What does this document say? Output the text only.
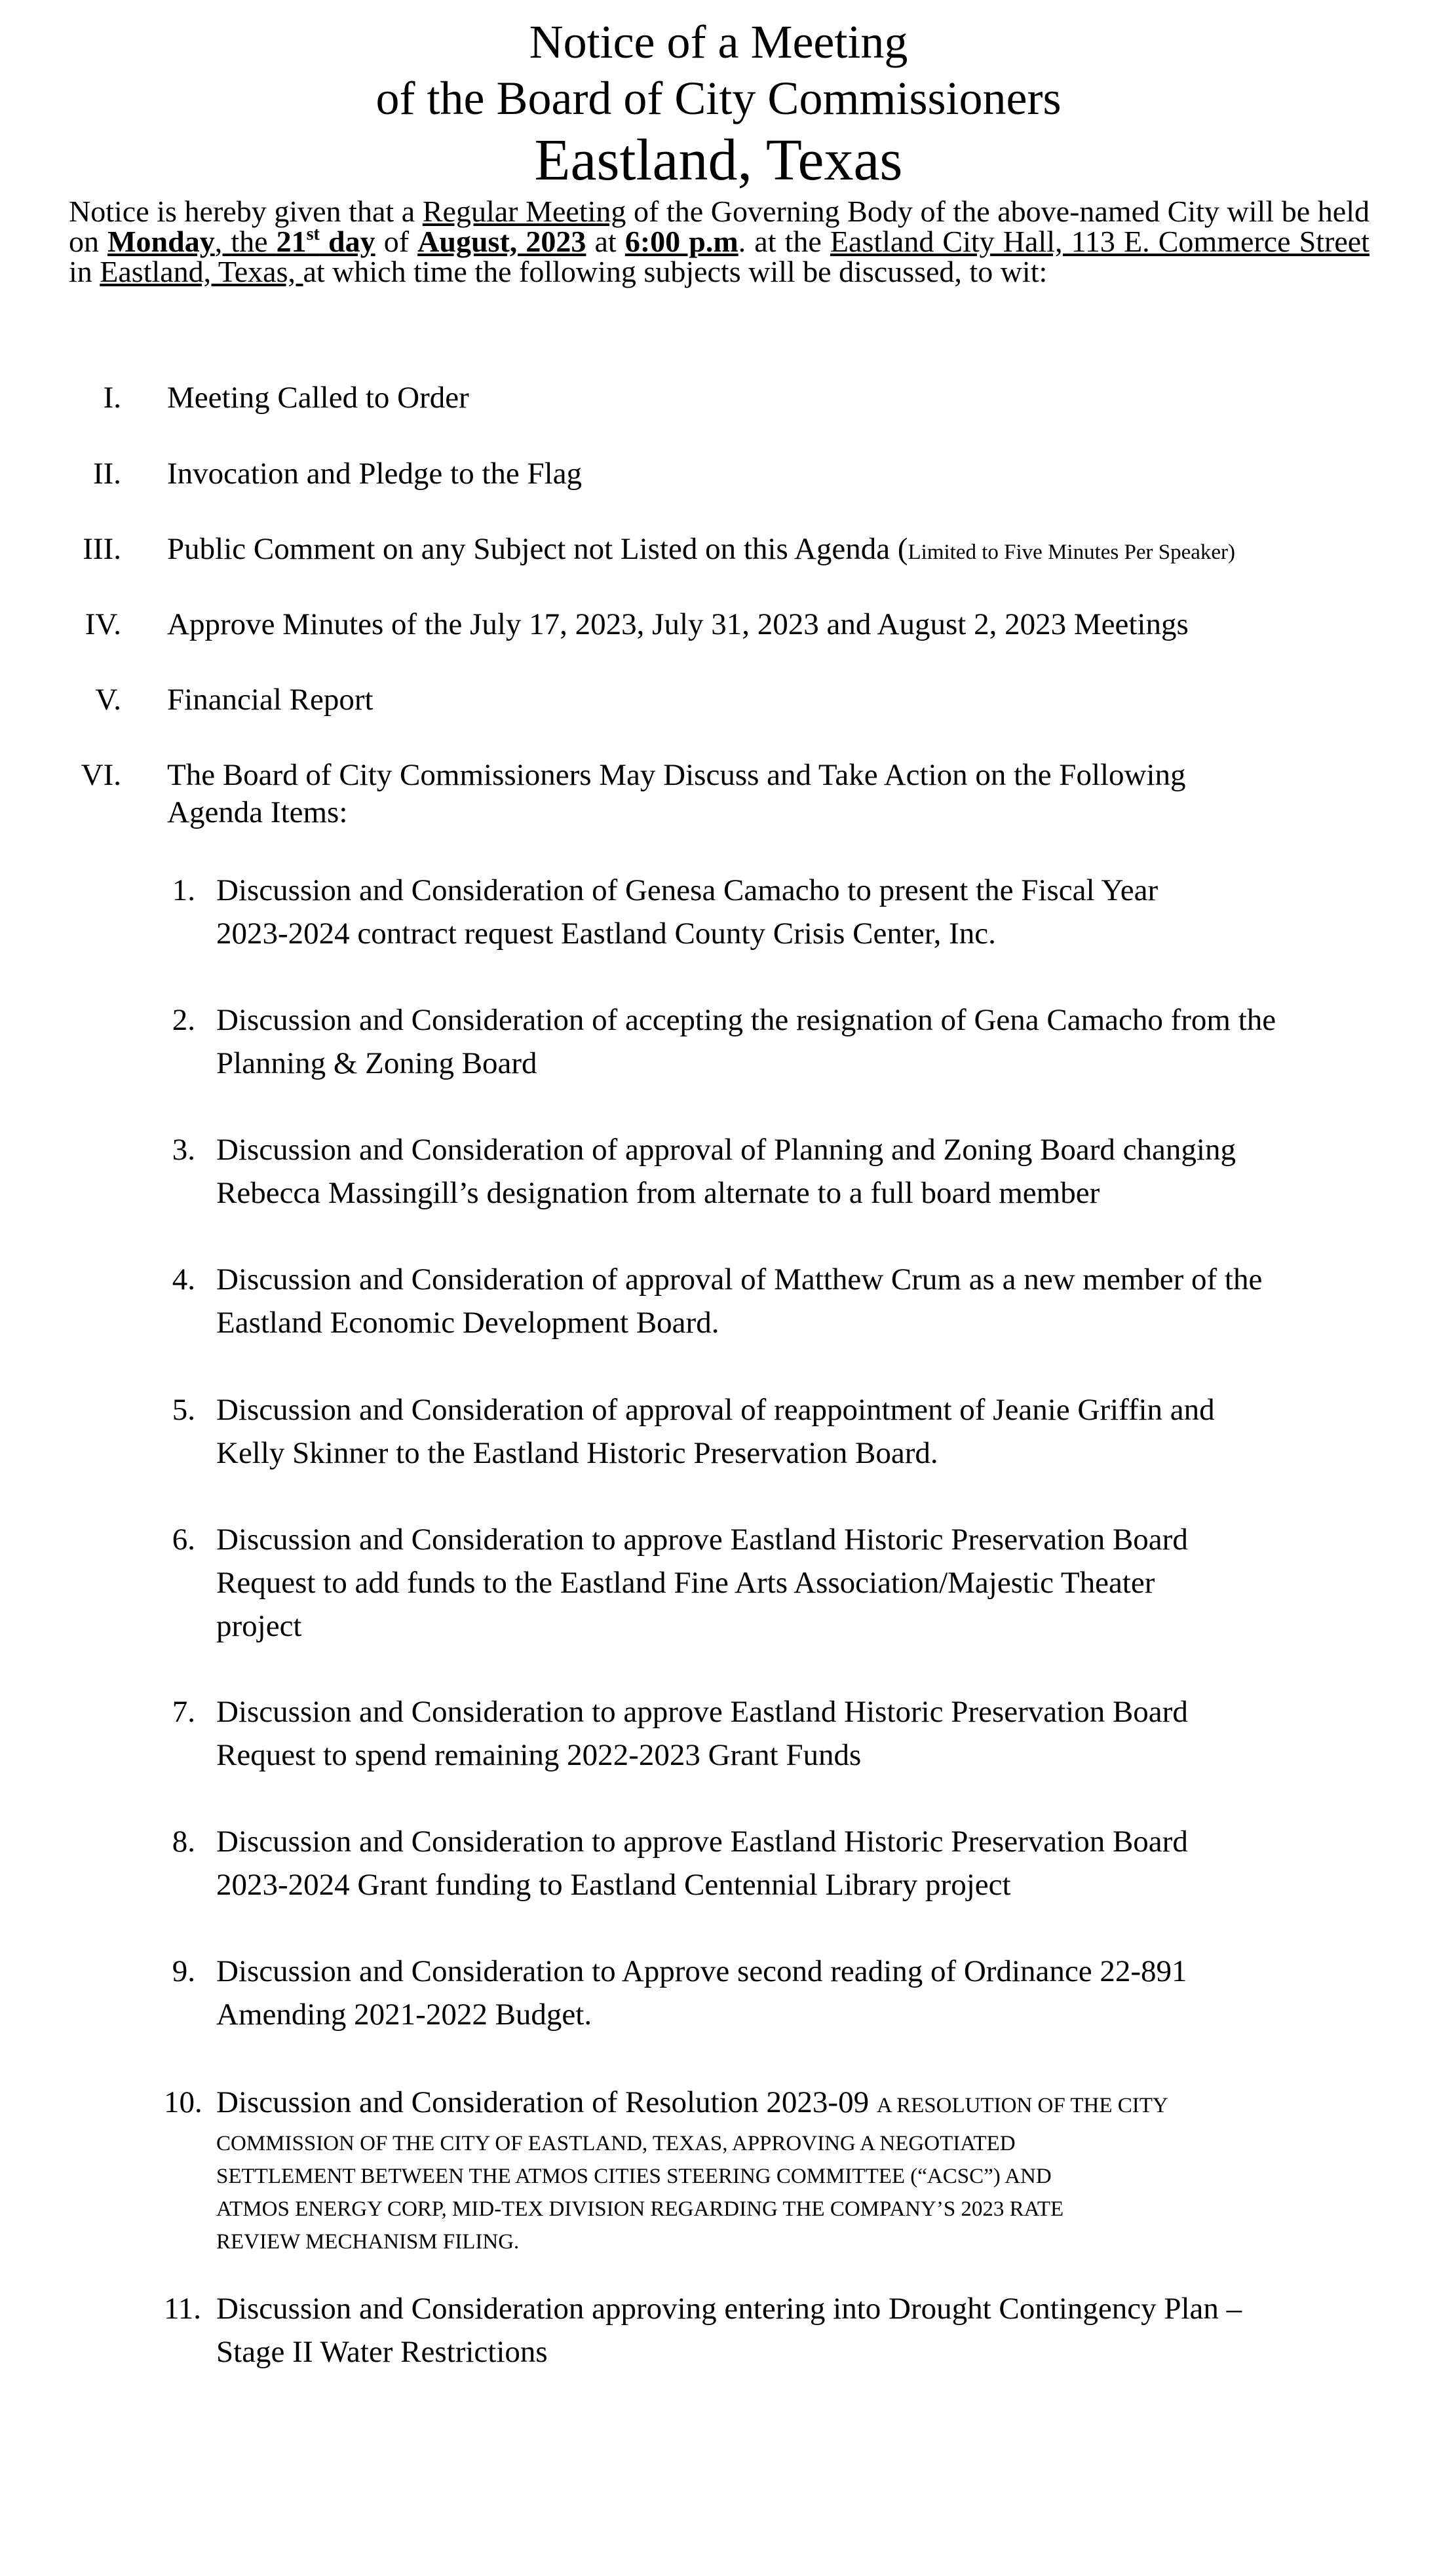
Notice of a Meeting
of the Board of City Commissioners
Eastland, Texas
Notice is hereby given that a Regular Meeting of the Governing Body of the above-named City will be held on Monday, the 21st day of August, 2023 at 6:00 p.m. at the Eastland City Hall, 113 E. Commerce Street in Eastland, Texas, at which time the following subjects will be discussed, to wit:
I. Meeting Called to Order
II. Invocation and Pledge to the Flag
III. Public Comment on any Subject not Listed on this Agenda (Limited to Five Minutes Per Speaker)
IV. Approve Minutes of the July 17, 2023, July 31, 2023 and August 2, 2023 Meetings
V. Financial Report
VI. The Board of City Commissioners May Discuss and Take Action on the Following
Agenda Items:
1. Discussion and Consideration of Genesa Camacho to present the Fiscal Year
2023-2024 contract request Eastland County Crisis Center, Inc.
2. Discussion and Consideration of accepting the resignation of Gena Camacho from the
Planning & Zoning Board
3. Discussion and Consideration of approval of Planning and Zoning Board changing
Rebecca Massingill’s designation from alternate to a full board member
4. Discussion and Consideration of approval of Matthew Crum as a new member of the
Eastland Economic Development Board.
5. Discussion and Consideration of approval of reappointment of Jeanie Griffin and
Kelly Skinner to the Eastland Historic Preservation Board.
6. Discussion and Consideration to approve Eastland Historic Preservation Board
Request to add funds to the Eastland Fine Arts Association/Majestic Theater
project
7. Discussion and Consideration to approve Eastland Historic Preservation Board
Request to spend remaining 2022-2023 Grant Funds
8. Discussion and Consideration to approve Eastland Historic Preservation Board
2023-2024 Grant funding to Eastland Centennial Library project
9. Discussion and Consideration to Approve second reading of Ordinance 22-891
Amending 2021-2022 Budget.
10. Discussion and Consideration of Resolution 2023-09 A RESOLUTION OF THE CITY
COMMISSION OF THE CITY OF EASTLAND, TEXAS, APPROVING A NEGOTIATED
SETTLEMENT BETWEEN THE ATMOS CITIES STEERING COMMITTEE (“ACSC”) AND
ATMOS ENERGY CORP, MID-TEX DIVISION REGARDING THE COMPANY’S 2023 RATE
REVIEW MECHANISM FILING.
11. Discussion and Consideration approving entering into Drought Contingency Plan –
Stage II Water Restrictions
